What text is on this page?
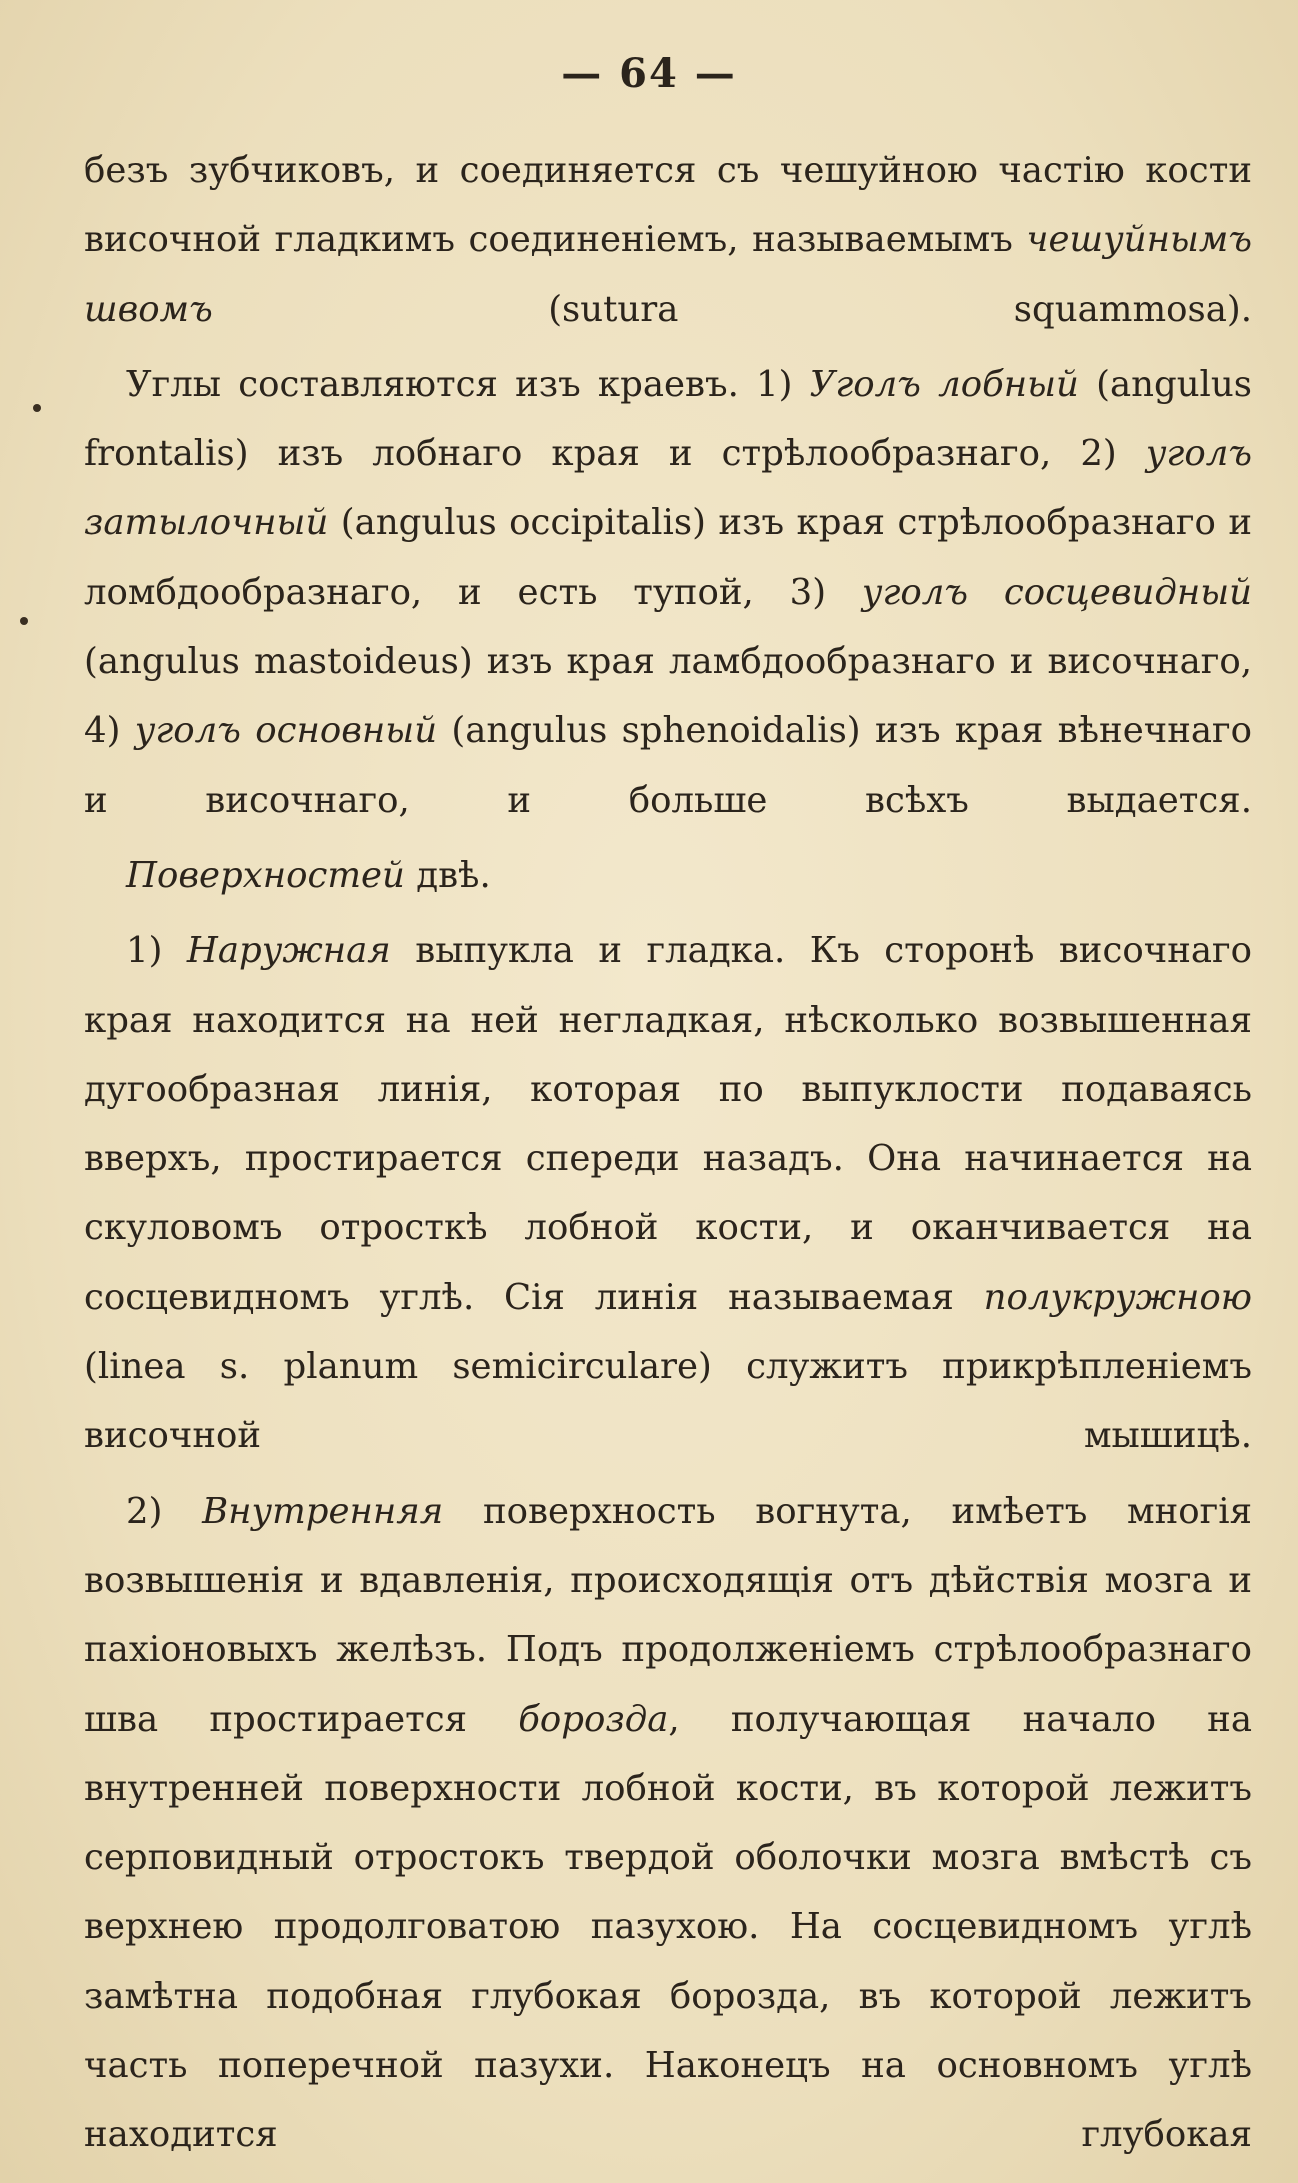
— 64 —

безъ зубчиковъ, и соединяется съ чешуйною частію кости височной гладкимъ соединеніемъ, называемымъ чешуйнымъ швомъ (sutura squammosa).

Углы составляются изъ краевъ. 1) Уголъ лобный (angulus frontalis) изъ лобнаго края и стрѣлообразнаго, 2) уголъ затылочный (angulus occipitalis) изъ края стрѣлообразнаго и ломбдообразнаго, и есть тупой, 3) уголъ сосцевидный (angulus mastoideus) изъ края ламбдообразнаго и височнаго, 4) уголъ основный (angulus sphenoidalis) изъ края вѣнечнаго и височнаго, и больше всѣхъ выдается.

Поверхностей двѣ.

1) Наружная выпукла и гладка. Къ сторонѣ височнаго края находится на ней негладкая, нѣсколько возвышенная дугообразная линія, которая по выпуклости подаваясь вверхъ, простирается спереди назадъ. Она начинается на скуловомъ отросткѣ лобной кости, и оканчивается на сосцевидномъ углѣ. Сія линія называемая полукружною (linea s. planum semicirculare) служитъ прикрѣпленіемъ височной мышицѣ.

2) Внутренняя поверхность вогнута, имѣетъ многія возвышенія и вдавленія, происходящія отъ дѣйствія мозга и пахіоновыхъ желѣзъ. Подъ продолженіемъ стрѣлообразнаго шва простирается борозда, получающая начало на внутренней поверхности лобной кости, въ которой лежитъ серповидный отростокъ твердой оболочки мозга вмѣстѣ съ верхнею продолговатою пазухою. На сосцевидномъ углѣ замѣтна подобная глубокая борозда, въ которой лежитъ часть поперечной пазухи. Наконецъ на основномъ углѣ находится глубокая
